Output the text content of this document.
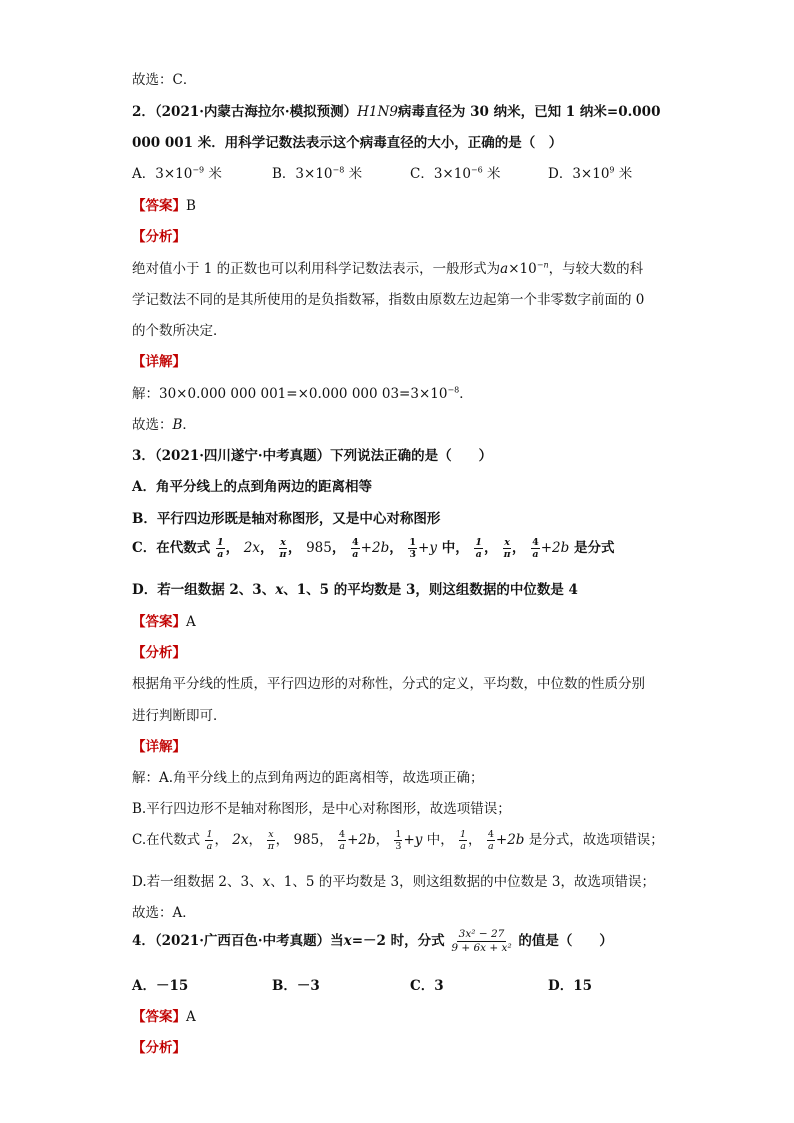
故选：C．
2．（2021·内蒙古海拉尔·模拟预测）H1N9病毒直径为 30 纳米，已知 1 纳米=0.000
000 001 米．用科学记数法表示这个病毒直径的大小，正确的是（　）
A．$3\times 10^{-9}$ 米	B．$3\times 10^{-8}$ 米	C．$3\times 10^{-6}$ 米	D．$3\times 10^9$ 米
【答案】B
【分析】
绝对值小于 1 的正数也可以利用科学记数法表示，一般形式为$a\times 10^{-n}$，与较大数的科
学记数法不同的是其所使用的是负指数幂，指数由原数左边起第一个非零数字前面的 0
的个数所决定．
【详解】
解：30×0.000 000 001=×0.000 000 $03=3\times 10^{-8}$．
故选：B．
3．（2021·四川遂宁·中考真题）下列说法正确的是（　　）
A．角平分线上的点到角两边的距离相等
B．平行四边形既是轴对称图形，又是中心对称图形
C．在代数式 $\frac{1}{a}$ ， 2x， $\frac{x}{\pi}$ ， 985， $\frac{4}{a} +2b$， $\frac{1}{3} +y$ 中， $\frac{1}{a}$ ， $\frac{x}{\pi}$ ， $\frac{4}{a} +2b$ 是分式
D．若一组数据 2、3、x、1、5 的平均数是 3，则这组数据的中位数是 4
【答案】A
【分析】
根据角平分线的性质，平行四边形的对称性，分式的定义，平均数，中位数的性质分别
进行判断即可．
【详解】
解：A.角平分线上的点到角两边的距离相等，故选项正确；
B.平行四边形不是轴对称图形，是中心对称图形，故选项错误；
C.在代数式 $\frac{1}{a}$ ， 2x， $\frac{x}{\pi}$ ， 985， $\frac{4}{a} +2b$， $\frac{1}{3} +y$ 中， $\frac{1}{a}$ ， $\frac{4}{a} +2b$ 是分式，故选项错误；
D.若一组数据 2、3、x、1、5 的平均数是 3，则这组数据的中位数是 3，故选项错误；
故选：A．
4．（2021·广西百色·中考真题）当x=－2 时，分式 $\frac{\text{3x² − 27}}{\text{9 + 6x + x²}}$ 的值是（　　）
A．－15	B．－3	C．3	D．15
【答案】A
【分析】
